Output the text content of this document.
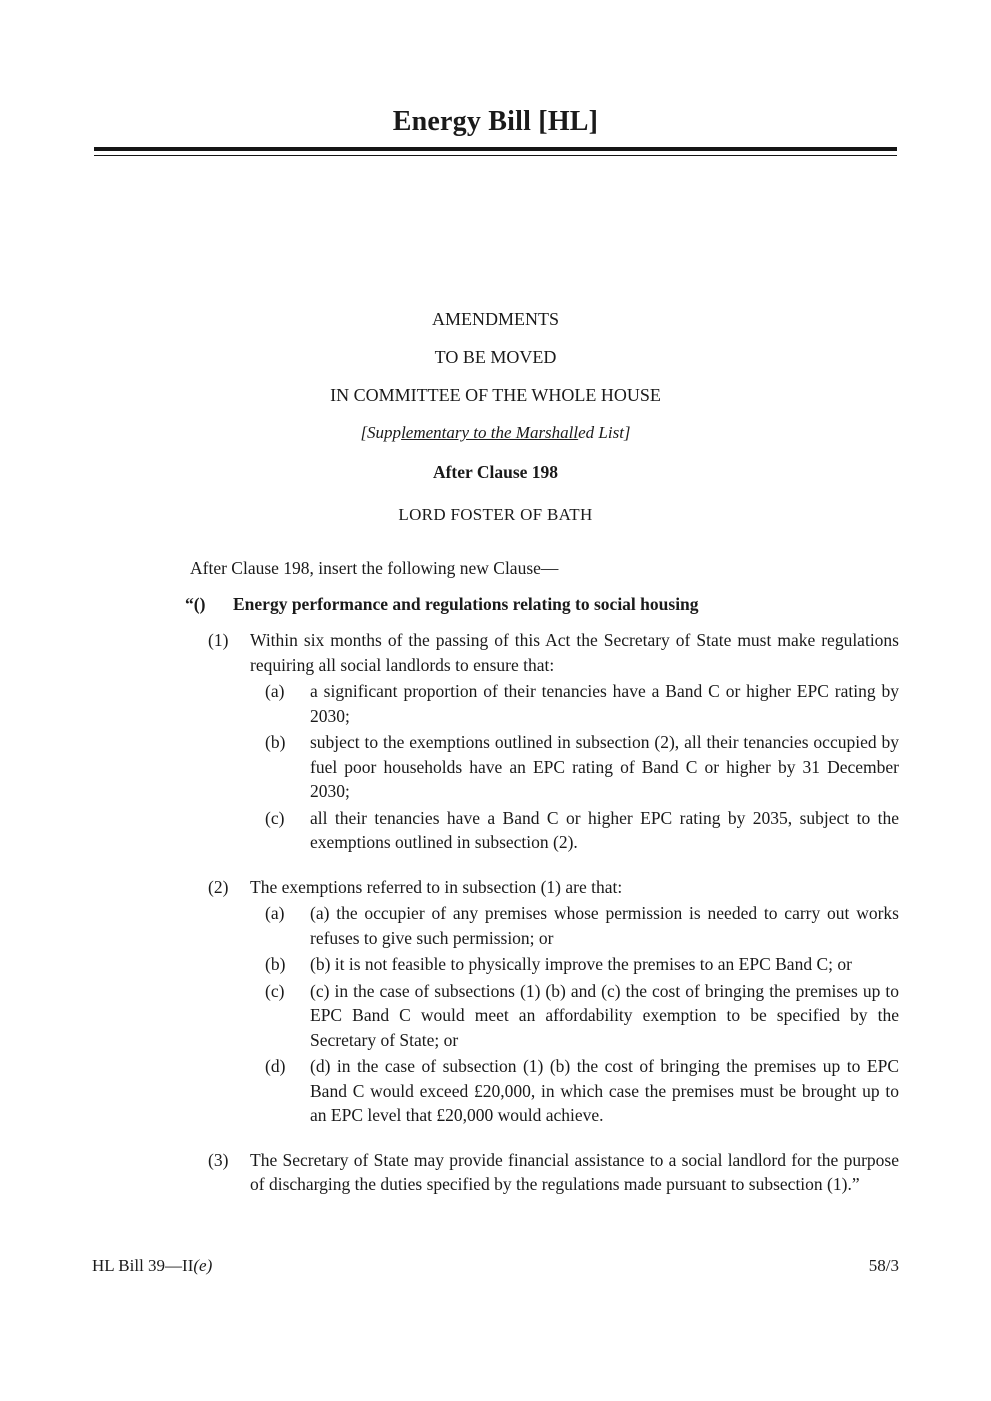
Energy Bill [HL]
AMENDMENTS
TO BE MOVED
IN COMMITTEE OF THE WHOLE HOUSE
[Supplementary to the Marshalled List]
After Clause 198
LORD FOSTER OF BATH

After Clause 198, insert the following new Clause—

“()	Energy performance and regulations relating to social housing
(1)	Within six months of the passing of this Act the Secretary of State must make regulations requiring all social landlords to ensure that:
(a)	a significant proportion of their tenancies have a Band C or higher EPC rating by 2030;
(b)	subject to the exemptions outlined in subsection (2), all their tenancies occupied by fuel poor households have an EPC rating of Band C or higher by 31 December 2030;
(c)	all their tenancies have a Band C or higher EPC rating by 2035, subject to the exemptions outlined in subsection (2).
(2)	The exemptions referred to in subsection (1) are that:
(a)	(a) the occupier of any premises whose permission is needed to carry out works refuses to give such permission; or
(b)	(b) it is not feasible to physically improve the premises to an EPC Band C; or
(c)	(c) in the case of subsections (1) (b) and (c) the cost of bringing the premises up to EPC Band C would meet an affordability exemption to be specified by the Secretary of State; or
(d)	(d) in the case of subsection (1) (b) the cost of bringing the premises up to EPC Band C would exceed £20,000, in which case the premises must be brought up to an EPC level that £20,000 would achieve.
(3)	The Secretary of State may provide financial assistance to a social landlord for the purpose of discharging the duties specified by the regulations made pursuant to subsection (1).”
HL Bill 39—II(e)	58/3
